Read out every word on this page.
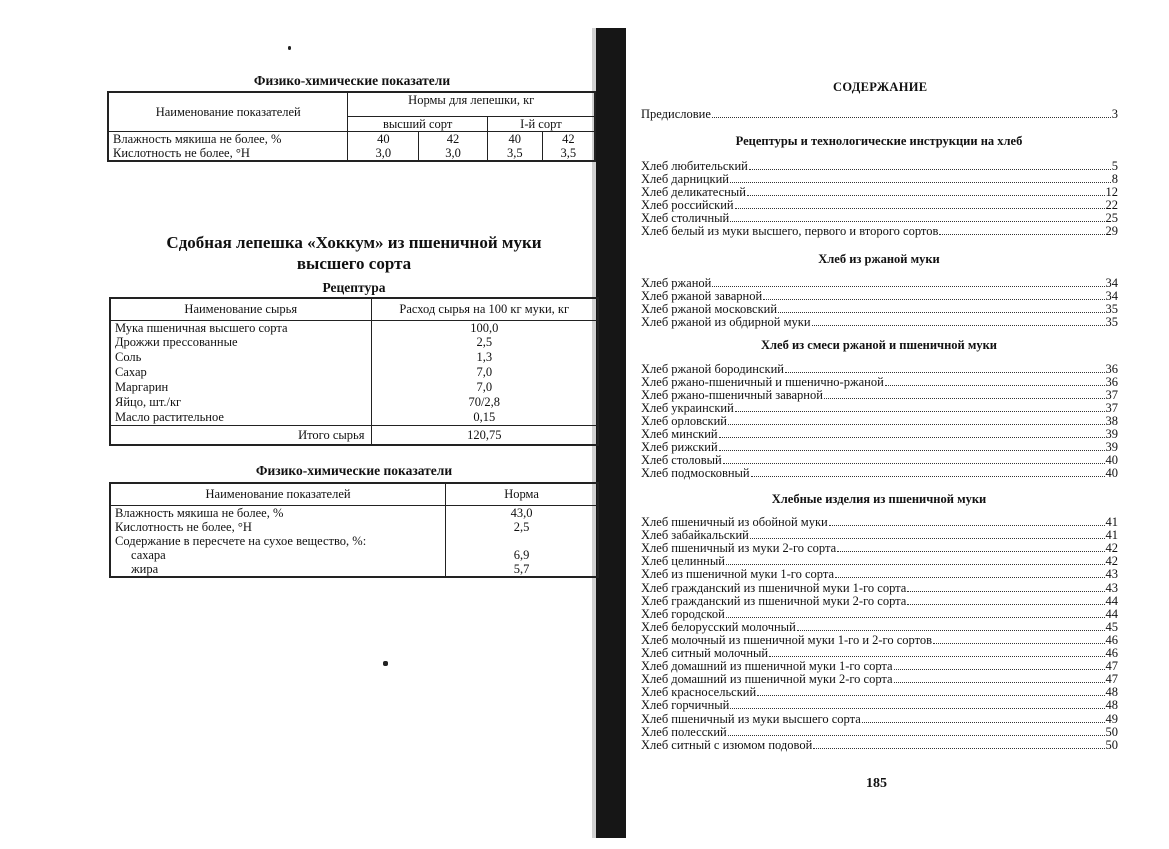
Физико-химические показатели
Наименование показателей	Нормы для лепешки, кг			
	высший сорт		I-й сорт	
Влажность мякиша не более, %	40	42	40	42
Кислотность не более, °Н	3,0	3,0	3,5	3,5
Сдобная лепешка «Хоккум» из пшеничной муки
высшего сорта
Рецептура
Наименование сырья	Расход сырья на 100 кг муки, кг
Мука пшеничная высшего сорта	100,0
Дрожжи прессованные	2,5
Соль	1,3
Сахар	7,0
Маргарин	7,0
Яйцо, шт./кг	70/2,8
Масло растительное	0,15
Итого сырья	120,75
Физико-химические показатели
Наименование показателей	Норма
Влажность мякиша не более, %	43,0
Кислотность не более, °Н	2,5
Содержание в пересчете на сухое вещество, %:	
сахара	6,9
жира	5,7
СОДЕРЖАНИЕ
Предисловие	3
Рецептуры и технологические инструкции на хлеб
Хлеб любительский	5
Хлеб дарницкий	8
Хлеб деликатесный	12
Хлеб российский	22
Хлеб столичный	25
Хлеб белый из муки высшего, первого и второго сортов	29
Хлеб из ржаной муки
Хлеб ржаной	34
Хлеб ржаной заварной	34
Хлеб ржаной московский	35
Хлеб ржаной из обдирной муки	35
Хлеб из смеси ржаной и пшеничной муки
Хлеб ржаной бородинский	36
Хлеб ржано-пшеничный и пшенично-ржаной	36
Хлеб ржано-пшеничный заварной	37
Хлеб украинский	37
Хлеб орловский	38
Хлеб минский	39
Хлеб рижский	39
Хлеб столовый	40
Хлеб подмосковный	40
Хлебные изделия из пшеничной муки
Хлеб пшеничный из обойной муки	41
Хлеб забайкальский	41
Хлеб пшеничный из муки 2-го сорта	42
Хлеб целинный	42
Хлеб из пшеничной муки 1-го сорта	43
Хлеб гражданский из пшеничной муки 1-го сорта	43
Хлеб гражданский из пшеничной муки 2-го сорта	44
Хлеб городской	44
Хлеб белорусский молочный	45
Хлеб молочный из пшеничной муки 1-го и 2-го сортов	46
Хлеб ситный молочный	46
Хлеб домашний из пшеничной муки 1-го сорта	47
Хлеб домашний из пшеничной муки 2-го сорта	47
Хлеб красносельский	48
Хлеб горчичный	48
Хлеб пшеничный из муки высшего сорта	49
Хлеб полесский	50
Хлеб ситный с изюмом подовой	50
185
